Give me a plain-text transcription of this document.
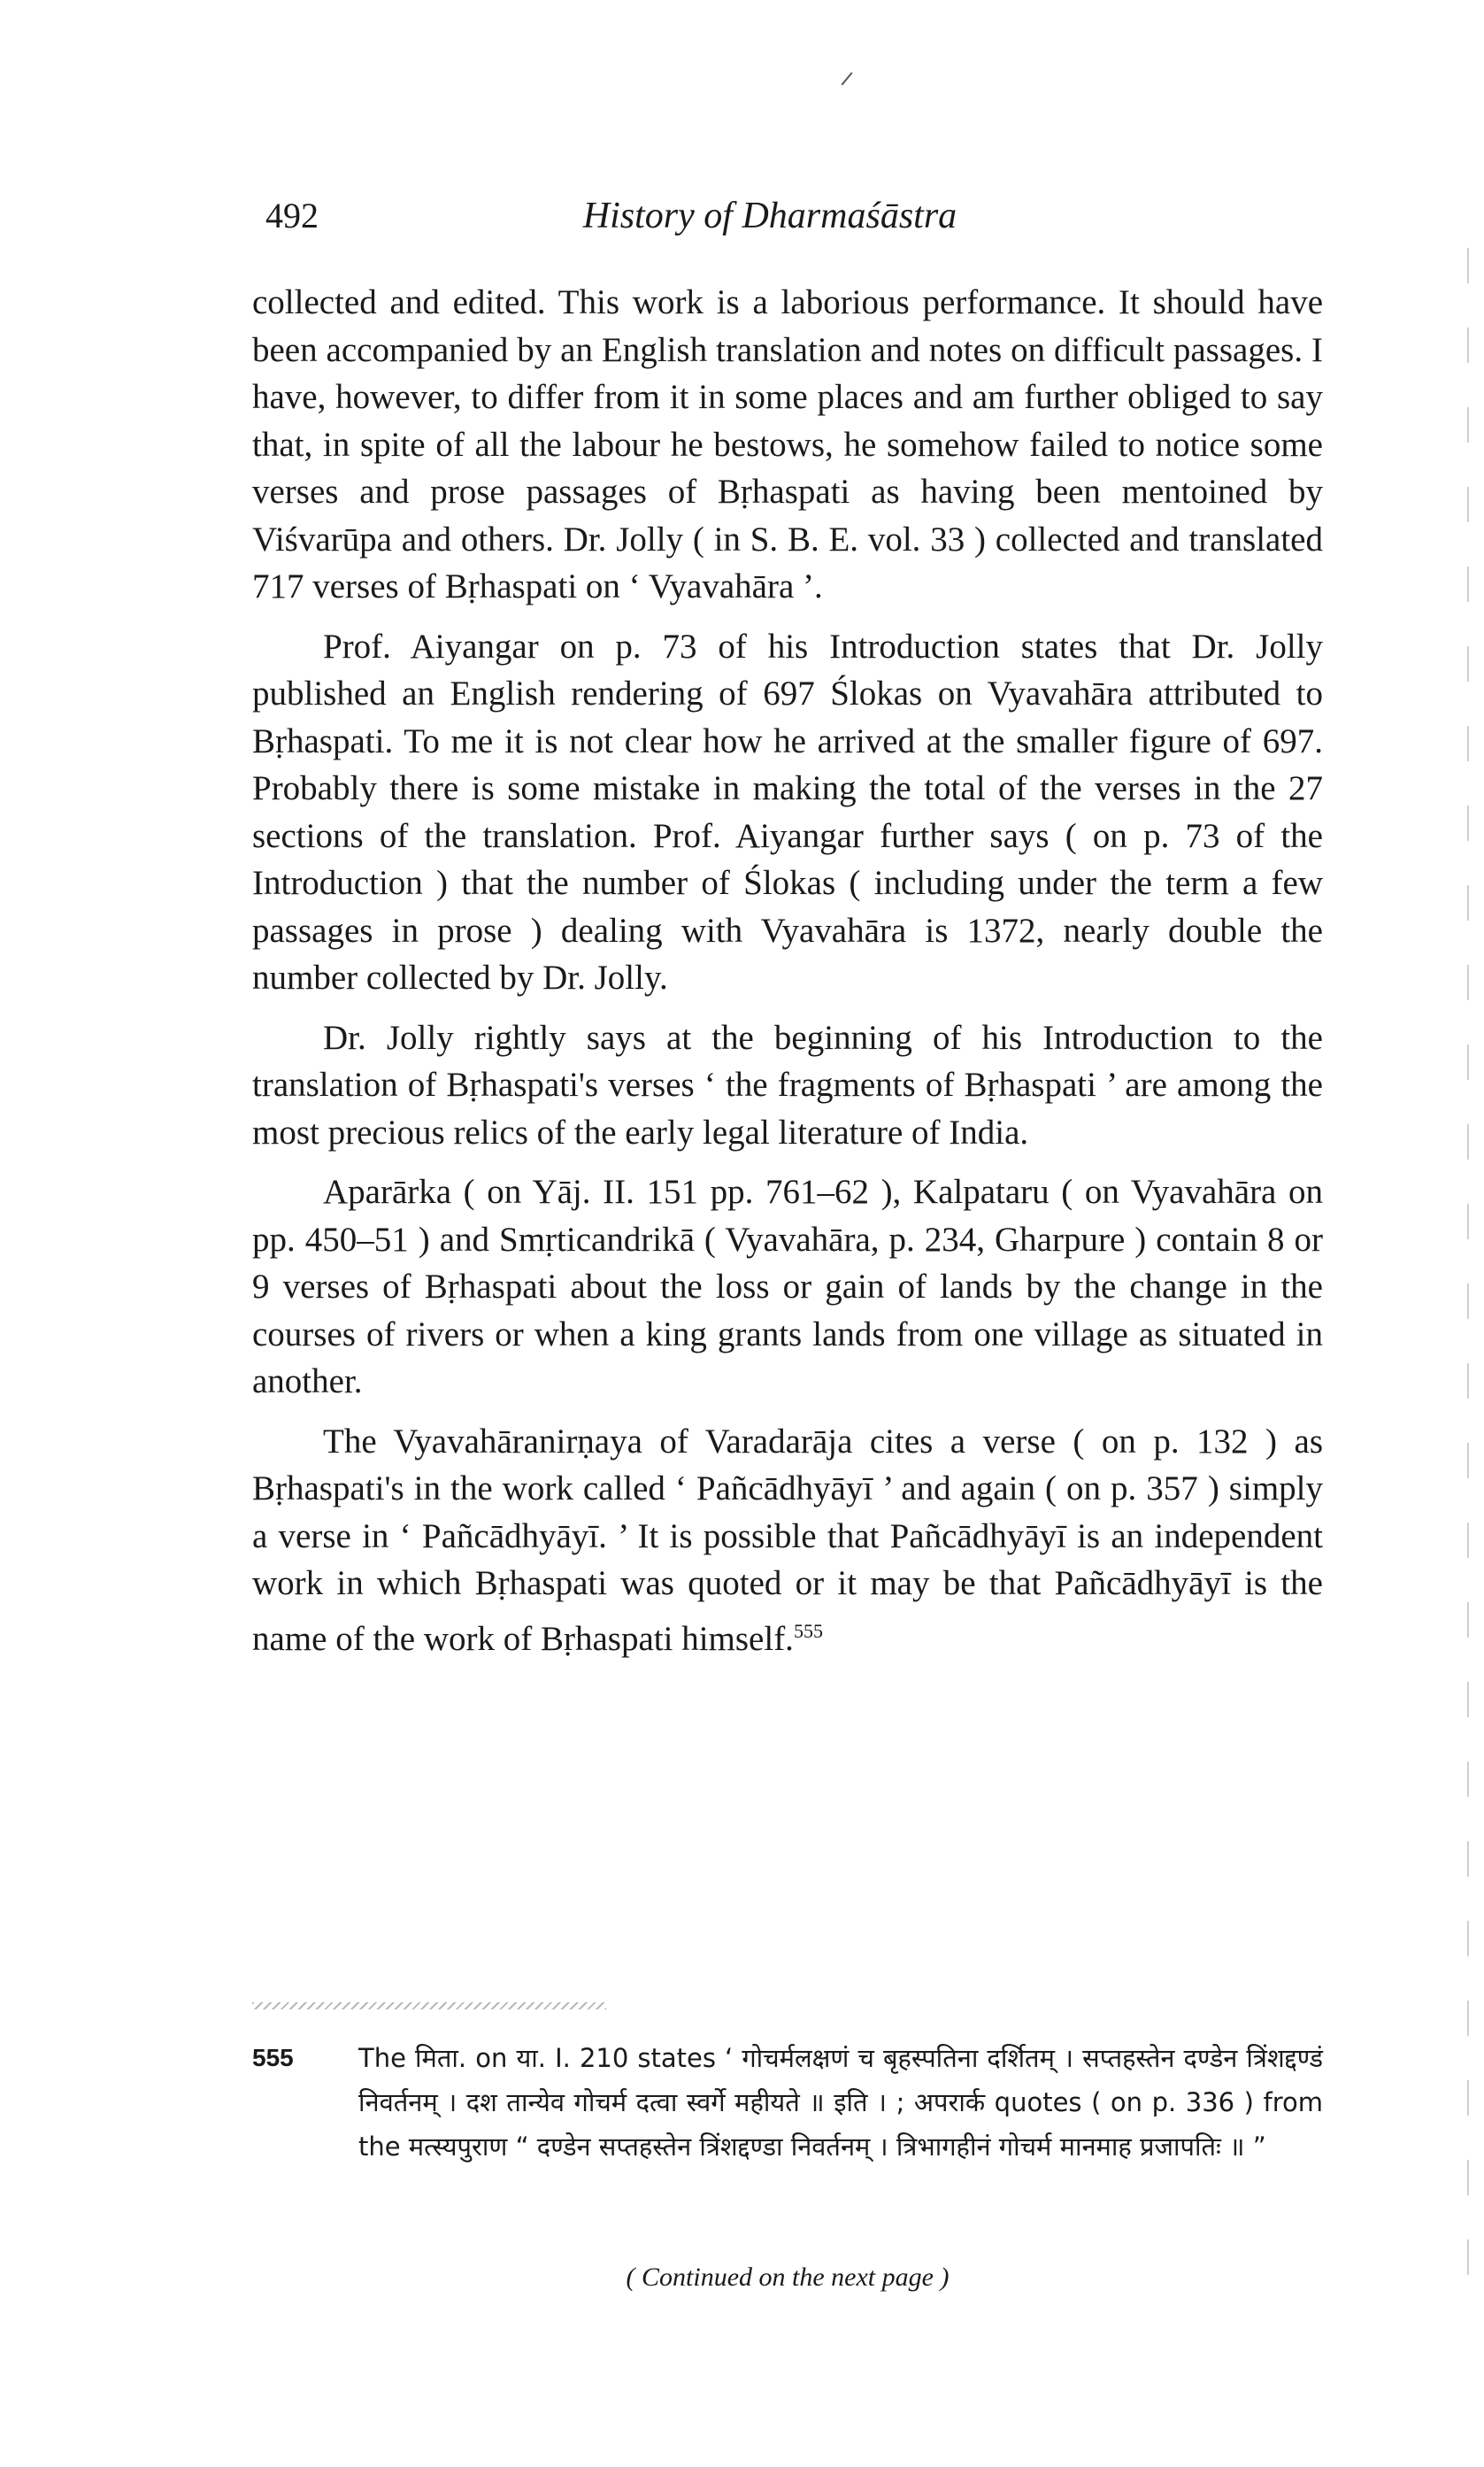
492	History of Dharmaśāstra

collected and edited. This work is a laborious performance. It should have been accompanied by an English translation and notes on difficult passages. I have, however, to differ from it in some places and am further obliged to say that, in spite of all the labour he bestows, he somehow failed to notice some verses and prose passages of Bṛhaspati as having been mentoined by Viśvarūpa and others. Dr. Jolly ( in S. B. E. vol. 33 ) collected and translated 717 verses of Bṛhaspati on ‘ Vyavahāra ’.

Prof. Aiyangar on p. 73 of his Introduction states that Dr. Jolly published an English rendering of 697 Ślokas on Vyavahāra attributed to Bṛhaspati. To me it is not clear how he arrived at the smaller figure of 697. Probably there is some mistake in making the total of the verses in the 27 sections of the translation. Prof. Aiyangar further says ( on p. 73 of the Introduction ) that the number of Ślokas ( including under the term a few passages in prose ) dealing with Vyavahāra is 1372, nearly double the number collected by Dr. Jolly.

Dr. Jolly rightly says at the beginning of his Introduction to the translation of Bṛhaspati's verses ‘ the fragments of Bṛhaspati ’ are among the most precious relics of the early legal literature of India.

Aparārka ( on Yāj. II. 151 pp. 761–62 ), Kalpataru ( on Vyavahāra on pp. 450–51 ) and Smṛticandrikā ( Vyavahāra, p. 234, Gharpure ) contain 8 or 9 verses of Bṛhaspati about the loss or gain of lands by the change in the courses of rivers or when a king grants lands from one village as situated in another.

The Vyavahāranirṇaya of Varadarāja cites a verse ( on p. 132 ) as Bṛhaspati's in the work called ‘ Pañcādhyāyī ’ and again ( on p. 357 ) simply a verse in ‘ Pañcādhyāyī. ’ It is possible that Pañcādhyāyī is an independent work in which Bṛhaspati was quoted or it may be that Pañcādhyāyī is the name of the work of Bṛhaspati himself.$^{555}$

555	The मिता. on या. I. 210 states ‘ गोचर्मलक्षणं च बृहस्पतिना दर्शितम् । सप्तहस्तेन दण्डेन त्रिंशद्दण्डं निवर्तनम् । दश तान्येव गोचर्म दत्वा स्वर्गे महीयते ॥ इति । ; अपरार्क quotes ( on p. 336 ) from the मत्स्यपुराण “ दण्डेन सप्तहस्तेन त्रिंशद्दण्डा निवर्तनम् । त्रिभागहीनं गोचर्म मानमाह प्रजापतिः ॥ ”
( Continued on the next page )
